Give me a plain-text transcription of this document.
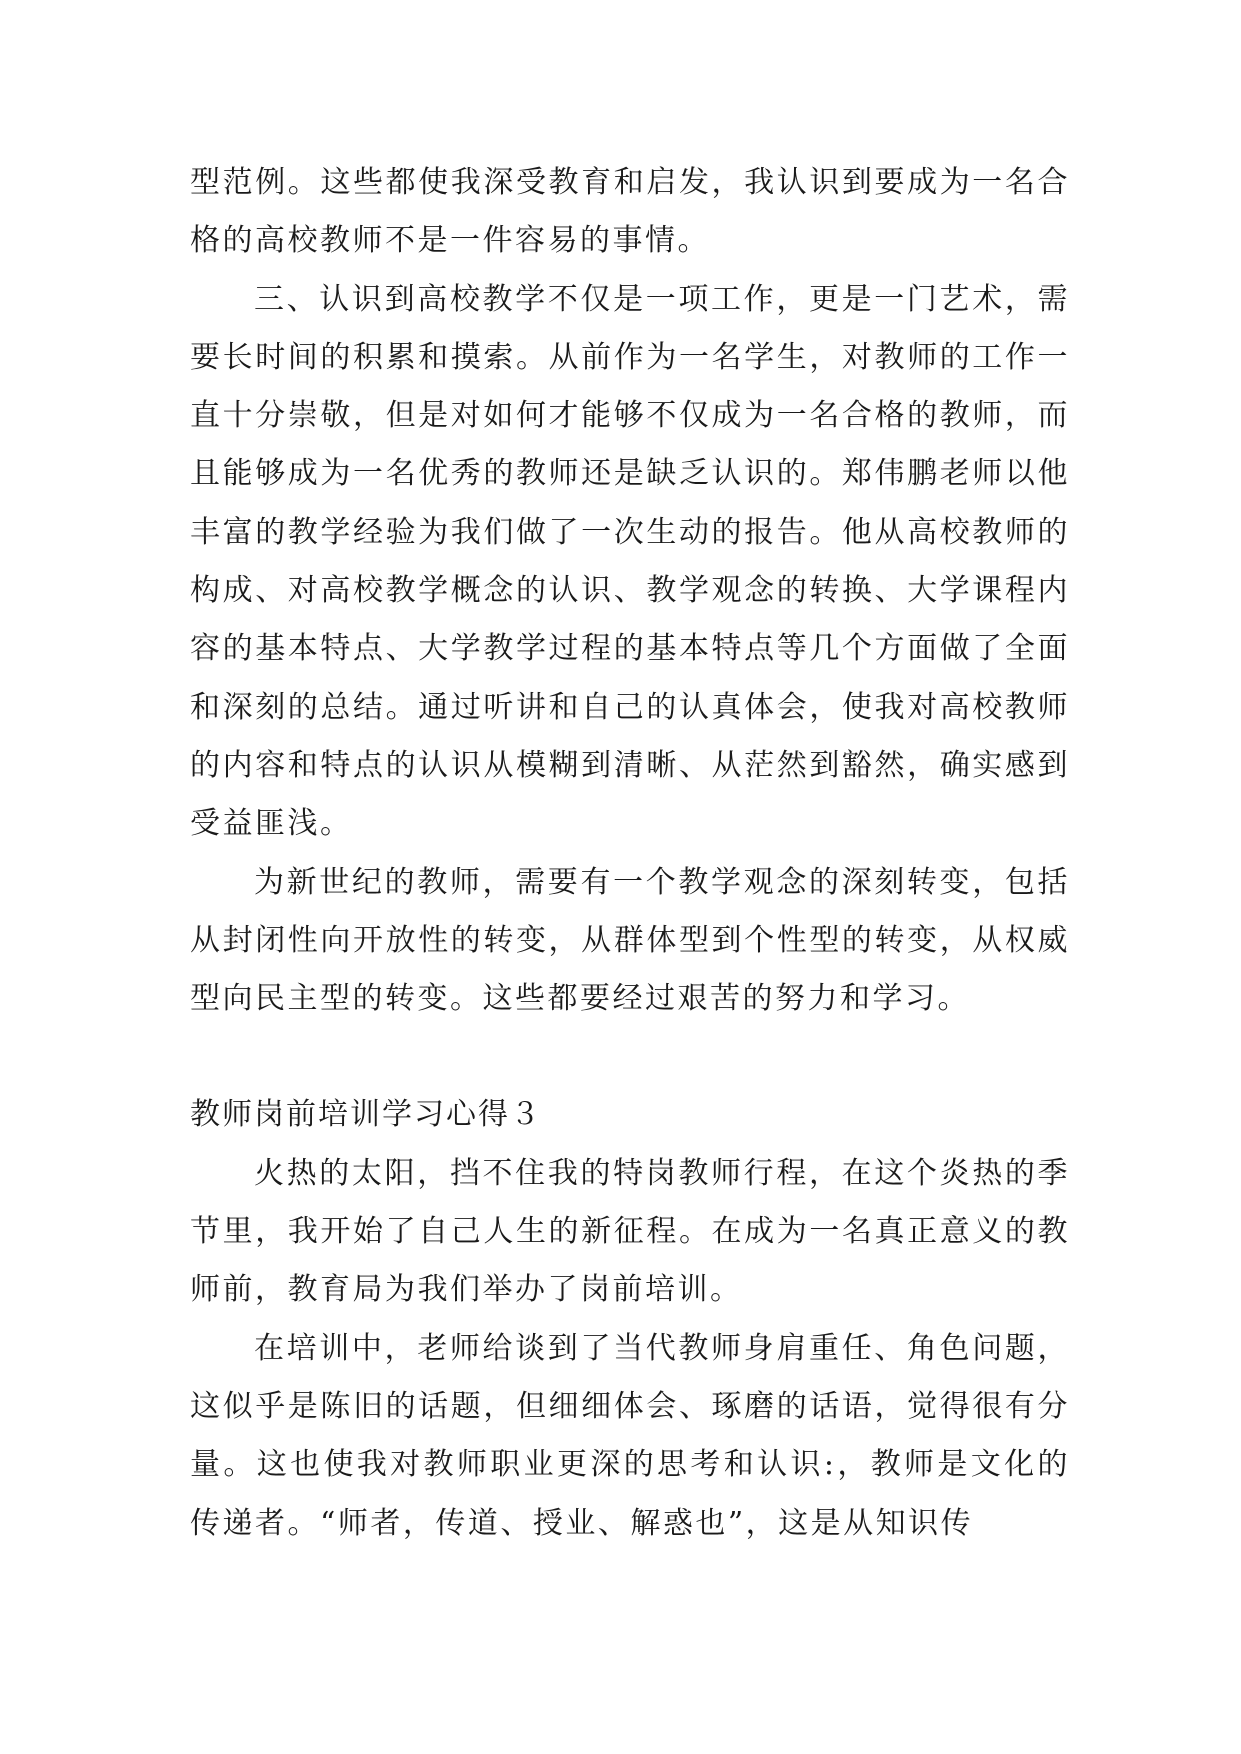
型范例。这些都使我深受教育和启发，我认识到要成为一名合格的高校教师不是一件容易的事情。

三、认识到高校教学不仅是一项工作，更是一门艺术，需要长时间的积累和摸索。从前作为一名学生，对教师的工作一直十分崇敬，但是对如何才能够不仅成为一名合格的教师，而且能够成为一名优秀的教师还是缺乏认识的。郑伟鹏老师以他丰富的教学经验为我们做了一次生动的报告。他从高校教师的构成、对高校教学概念的认识、教学观念的转换、大学课程内容的基本特点、大学教学过程的基本特点等几个方面做了全面和深刻的总结。通过听讲和自己的认真体会，使我对高校教师的内容和特点的认识从模糊到清晰、从茫然到豁然，确实感到受益匪浅。

为新世纪的教师，需要有一个教学观念的深刻转变，包括从封闭性向开放性的转变，从群体型到个性型的转变，从权威型向民主型的转变。这些都要经过艰苦的努力和学习。

教师岗前培训学习心得３

火热的太阳，挡不住我的特岗教师行程，在这个炎热的季节里，我开始了自己人生的新征程。在成为一名真正意义的教师前，教育局为我们举办了岗前培训。

在培训中，老师给谈到了当代教师身肩重任、角色问题，这似乎是陈旧的话题，但细细体会、琢磨的话语，觉得很有分量。这也使我对教师职业更深的思考和认识:，教师是文化的传递者。“师者，传道、授业、解惑也”，这是从知识传
